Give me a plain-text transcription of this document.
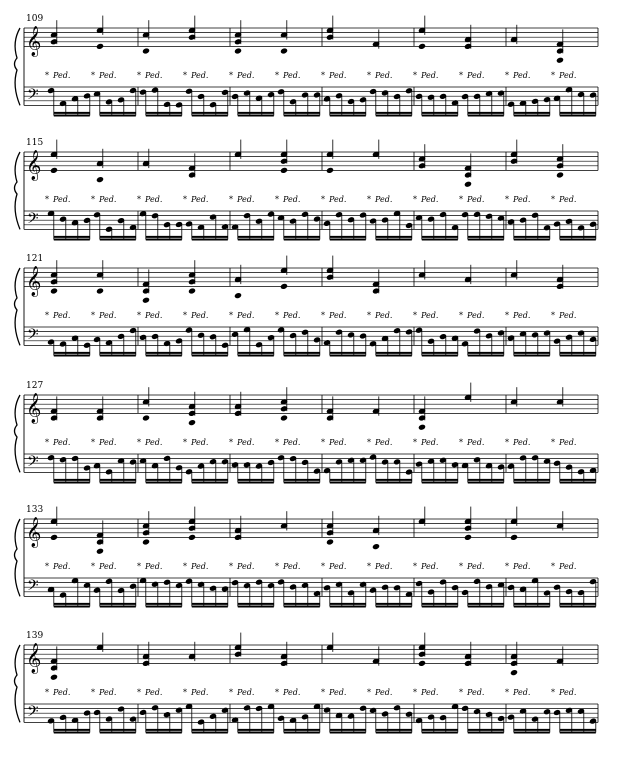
109
𝄞
𝄢
Ped.
*	Ped.
*	Ped.
*	Ped.
*	Ped.
*	Ped.
*	Ped.
*	Ped.
*	Ped.
*	Ped.
*	Ped.
*	Ped.
*
115
𝄞
𝄢
Ped.
*	Ped.
*	Ped.
*	Ped.
*	Ped.
*	Ped.
*	Ped.
*	Ped.
*	Ped.
*	Ped.
*	Ped.
*	Ped.
*
121
𝄞
𝄢
Ped.
*	Ped.
*	Ped.
*	Ped.
*	Ped.
*	Ped.
*	Ped.
*	Ped.
*	Ped.
*	Ped.
*	Ped.
*	Ped.
*
127
𝄞
𝄢
Ped.
*	Ped.
*	Ped.
*	Ped.
*	Ped.
*	Ped.
*	Ped.
*	Ped.
*	Ped.
*	Ped.
*	Ped.
*	Ped.
*
133
𝄞
𝄢
Ped.
*	Ped.
*	Ped.
*	Ped.
*	Ped.
*	Ped.
*	Ped.
*	Ped.
*	Ped.
*	Ped.
*	Ped.
*	Ped.
*
139
𝄞
𝄢
Ped.
*	Ped.
*	Ped.
*	Ped.
*	Ped.
*	Ped.
*	Ped.
*	Ped.
*	Ped.
*	Ped.
*	Ped.
*	Ped.
*
